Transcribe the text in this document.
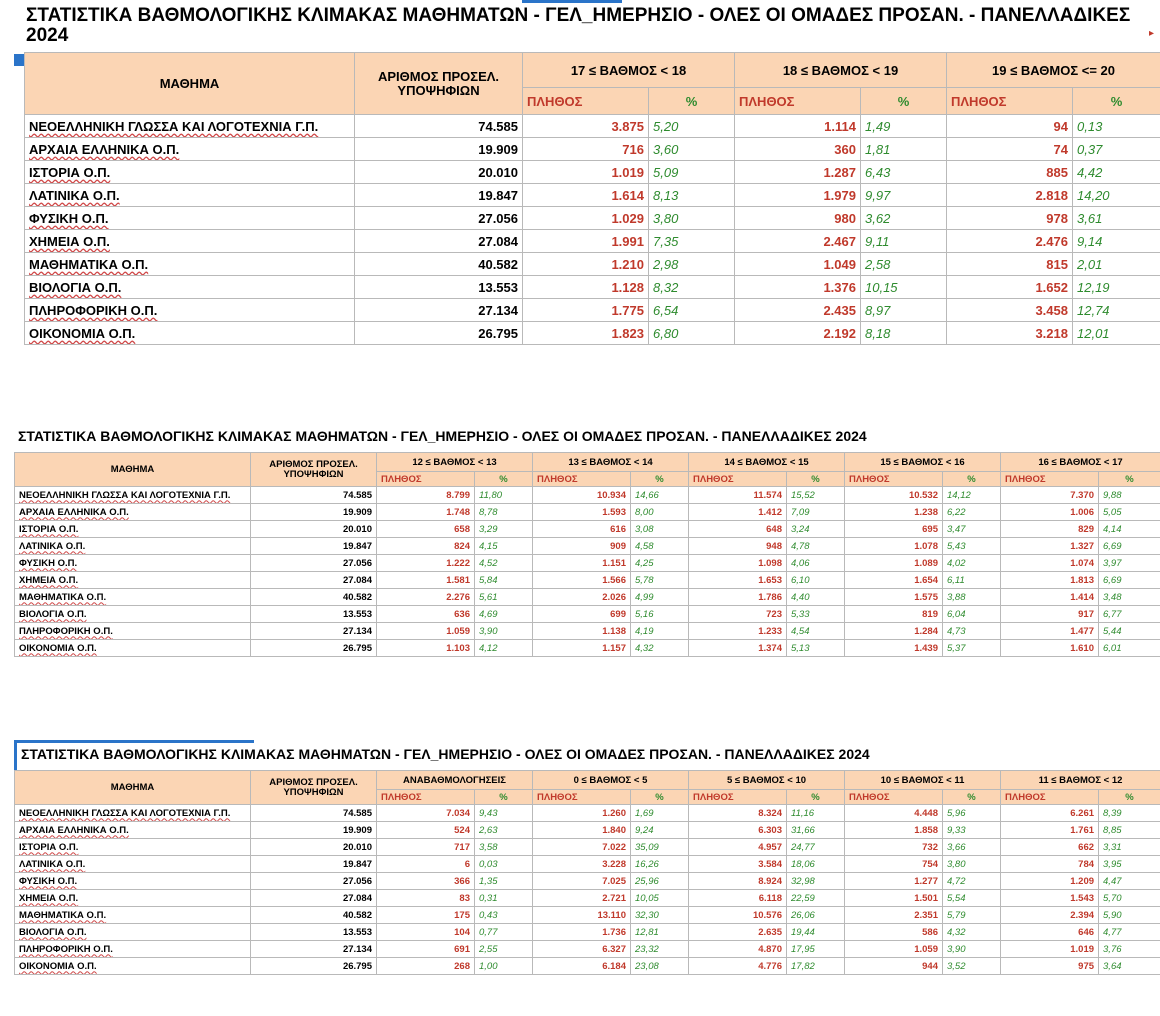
ΣΤΑΤΙΣΤΙΚΑ ΒΑΘΜΟΛΟΓΙΚΗΣ ΚΛΙΜΑΚΑΣ ΜΑΘΗΜΑΤΩΝ - ΓΕΛ_ΗΜΕΡΗΣΙΟ - ΟΛΕΣ ΟΙ ΟΜΑΔΕΣ ΠΡΟΣΑΝ. - ΠΑΝΕΛΛΑΔΙΚΕΣ 2024	▸
ΜΑΘΗΜΑ	ΑΡΙΘΜΟΣ ΠΡΟΣΕΛ. ΥΠΟΨΗΦΙΩΝ	17 ≤ ΒΑΘΜΟΣ < 18		18 ≤ ΒΑΘΜΟΣ < 19		19 ≤ ΒΑΘΜΟΣ <= 20	
		ΠΛΗΘΟΣ	%	ΠΛΗΘΟΣ	%	ΠΛΗΘΟΣ	%
ΝΕΟΕΛΛΗΝΙΚΗ ΓΛΩΣΣΑ ΚΑΙ ΛΟΓΟΤΕΧΝΙΑ Γ.Π.	74.585	3.875	5,20	1.114	1,49	94	0,13
ΑΡΧΑΙΑ ΕΛΛΗΝΙΚΑ Ο.Π.	19.909	716	3,60	360	1,81	74	0,37
ΙΣΤΟΡΙΑ Ο.Π.	20.010	1.019	5,09	1.287	6,43	885	4,42
ΛΑΤΙΝΙΚΑ Ο.Π.	19.847	1.614	8,13	1.979	9,97	2.818	14,20
ΦΥΣΙΚΗ Ο.Π.	27.056	1.029	3,80	980	3,62	978	3,61
ΧΗΜΕΙΑ Ο.Π.	27.084	1.991	7,35	2.467	9,11	2.476	9,14
ΜΑΘΗΜΑΤΙΚΑ Ο.Π.	40.582	1.210	2,98	1.049	2,58	815	2,01
ΒΙΟΛΟΓΙΑ Ο.Π.	13.553	1.128	8,32	1.376	10,15	1.652	12,19
ΠΛΗΡΟΦΟΡΙΚΗ Ο.Π.	27.134	1.775	6,54	2.435	8,97	3.458	12,74
ΟΙΚΟΝΟΜΙΑ Ο.Π.	26.795	1.823	6,80	2.192	8,18	3.218	12,01
ΣΤΑΤΙΣΤΙΚΑ ΒΑΘΜΟΛΟΓΙΚΗΣ ΚΛΙΜΑΚΑΣ ΜΑΘΗΜΑΤΩΝ - ΓΕΛ_ΗΜΕΡΗΣΙΟ - ΟΛΕΣ ΟΙ ΟΜΑΔΕΣ ΠΡΟΣΑΝ. - ΠΑΝΕΛΛΑΔΙΚΕΣ 2024
ΜΑΘΗΜΑ	ΑΡΙΘΜΟΣ ΠΡΟΣΕΛ. ΥΠΟΨΗΦΙΩΝ	12 ≤ ΒΑΘΜΟΣ < 13		13 ≤ ΒΑΘΜΟΣ < 14		14 ≤ ΒΑΘΜΟΣ < 15		15 ≤ ΒΑΘΜΟΣ < 16		16 ≤ ΒΑΘΜΟΣ < 17	
		ΠΛΗΘΟΣ	%	ΠΛΗΘΟΣ	%	ΠΛΗΘΟΣ	%	ΠΛΗΘΟΣ	%	ΠΛΗΘΟΣ	%
ΝΕΟΕΛΛΗΝΙΚΗ ΓΛΩΣΣΑ ΚΑΙ ΛΟΓΟΤΕΧΝΙΑ Γ.Π.	74.585	8.799	11,80	10.934	14,66	11.574	15,52	10.532	14,12	7.370	9,88
ΑΡΧΑΙΑ ΕΛΛΗΝΙΚΑ Ο.Π.	19.909	1.748	8,78	1.593	8,00	1.412	7,09	1.238	6,22	1.006	5,05
ΙΣΤΟΡΙΑ Ο.Π.	20.010	658	3,29	616	3,08	648	3,24	695	3,47	829	4,14
ΛΑΤΙΝΙΚΑ Ο.Π.	19.847	824	4,15	909	4,58	948	4,78	1.078	5,43	1.327	6,69
ΦΥΣΙΚΗ Ο.Π.	27.056	1.222	4,52	1.151	4,25	1.098	4,06	1.089	4,02	1.074	3,97
ΧΗΜΕΙΑ Ο.Π.	27.084	1.581	5,84	1.566	5,78	1.653	6,10	1.654	6,11	1.813	6,69
ΜΑΘΗΜΑΤΙΚΑ Ο.Π.	40.582	2.276	5,61	2.026	4,99	1.786	4,40	1.575	3,88	1.414	3,48
ΒΙΟΛΟΓΙΑ Ο.Π.	13.553	636	4,69	699	5,16	723	5,33	819	6,04	917	6,77
ΠΛΗΡΟΦΟΡΙΚΗ Ο.Π.	27.134	1.059	3,90	1.138	4,19	1.233	4,54	1.284	4,73	1.477	5,44
ΟΙΚΟΝΟΜΙΑ Ο.Π.	26.795	1.103	4,12	1.157	4,32	1.374	5,13	1.439	5,37	1.610	6,01
ΣΤΑΤΙΣΤΙΚΑ ΒΑΘΜΟΛΟΓΙΚΗΣ ΚΛΙΜΑΚΑΣ ΜΑΘΗΜΑΤΩΝ - ΓΕΛ_ΗΜΕΡΗΣΙΟ - ΟΛΕΣ ΟΙ ΟΜΑΔΕΣ ΠΡΟΣΑΝ. - ΠΑΝΕΛΛΑΔΙΚΕΣ 2024
ΜΑΘΗΜΑ	ΑΡΙΘΜΟΣ ΠΡΟΣΕΛ. ΥΠΟΨΗΦΙΩΝ	ΑΝΑΒΑΘΜΟΛΟΓΗΣΕΙΣ		0 ≤ ΒΑΘΜΟΣ < 5		5 ≤ ΒΑΘΜΟΣ < 10		10 ≤ ΒΑΘΜΟΣ < 11		11 ≤ ΒΑΘΜΟΣ < 12	
		ΠΛΗΘΟΣ	%	ΠΛΗΘΟΣ	%	ΠΛΗΘΟΣ	%	ΠΛΗΘΟΣ	%	ΠΛΗΘΟΣ	%
ΝΕΟΕΛΛΗΝΙΚΗ ΓΛΩΣΣΑ ΚΑΙ ΛΟΓΟΤΕΧΝΙΑ Γ.Π.	74.585	7.034	9,43	1.260	1,69	8.324	11,16	4.448	5,96	6.261	8,39
ΑΡΧΑΙΑ ΕΛΛΗΝΙΚΑ Ο.Π.	19.909	524	2,63	1.840	9,24	6.303	31,66	1.858	9,33	1.761	8,85
ΙΣΤΟΡΙΑ Ο.Π.	20.010	717	3,58	7.022	35,09	4.957	24,77	732	3,66	662	3,31
ΛΑΤΙΝΙΚΑ Ο.Π.	19.847	6	0,03	3.228	16,26	3.584	18,06	754	3,80	784	3,95
ΦΥΣΙΚΗ Ο.Π.	27.056	366	1,35	7.025	25,96	8.924	32,98	1.277	4,72	1.209	4,47
ΧΗΜΕΙΑ Ο.Π.	27.084	83	0,31	2.721	10,05	6.118	22,59	1.501	5,54	1.543	5,70
ΜΑΘΗΜΑΤΙΚΑ Ο.Π.	40.582	175	0,43	13.110	32,30	10.576	26,06	2.351	5,79	2.394	5,90
ΒΙΟΛΟΓΙΑ Ο.Π.	13.553	104	0,77	1.736	12,81	2.635	19,44	586	4,32	646	4,77
ΠΛΗΡΟΦΟΡΙΚΗ Ο.Π.	27.134	691	2,55	6.327	23,32	4.870	17,95	1.059	3,90	1.019	3,76
ΟΙΚΟΝΟΜΙΑ Ο.Π.	26.795	268	1,00	6.184	23,08	4.776	17,82	944	3,52	975	3,64
